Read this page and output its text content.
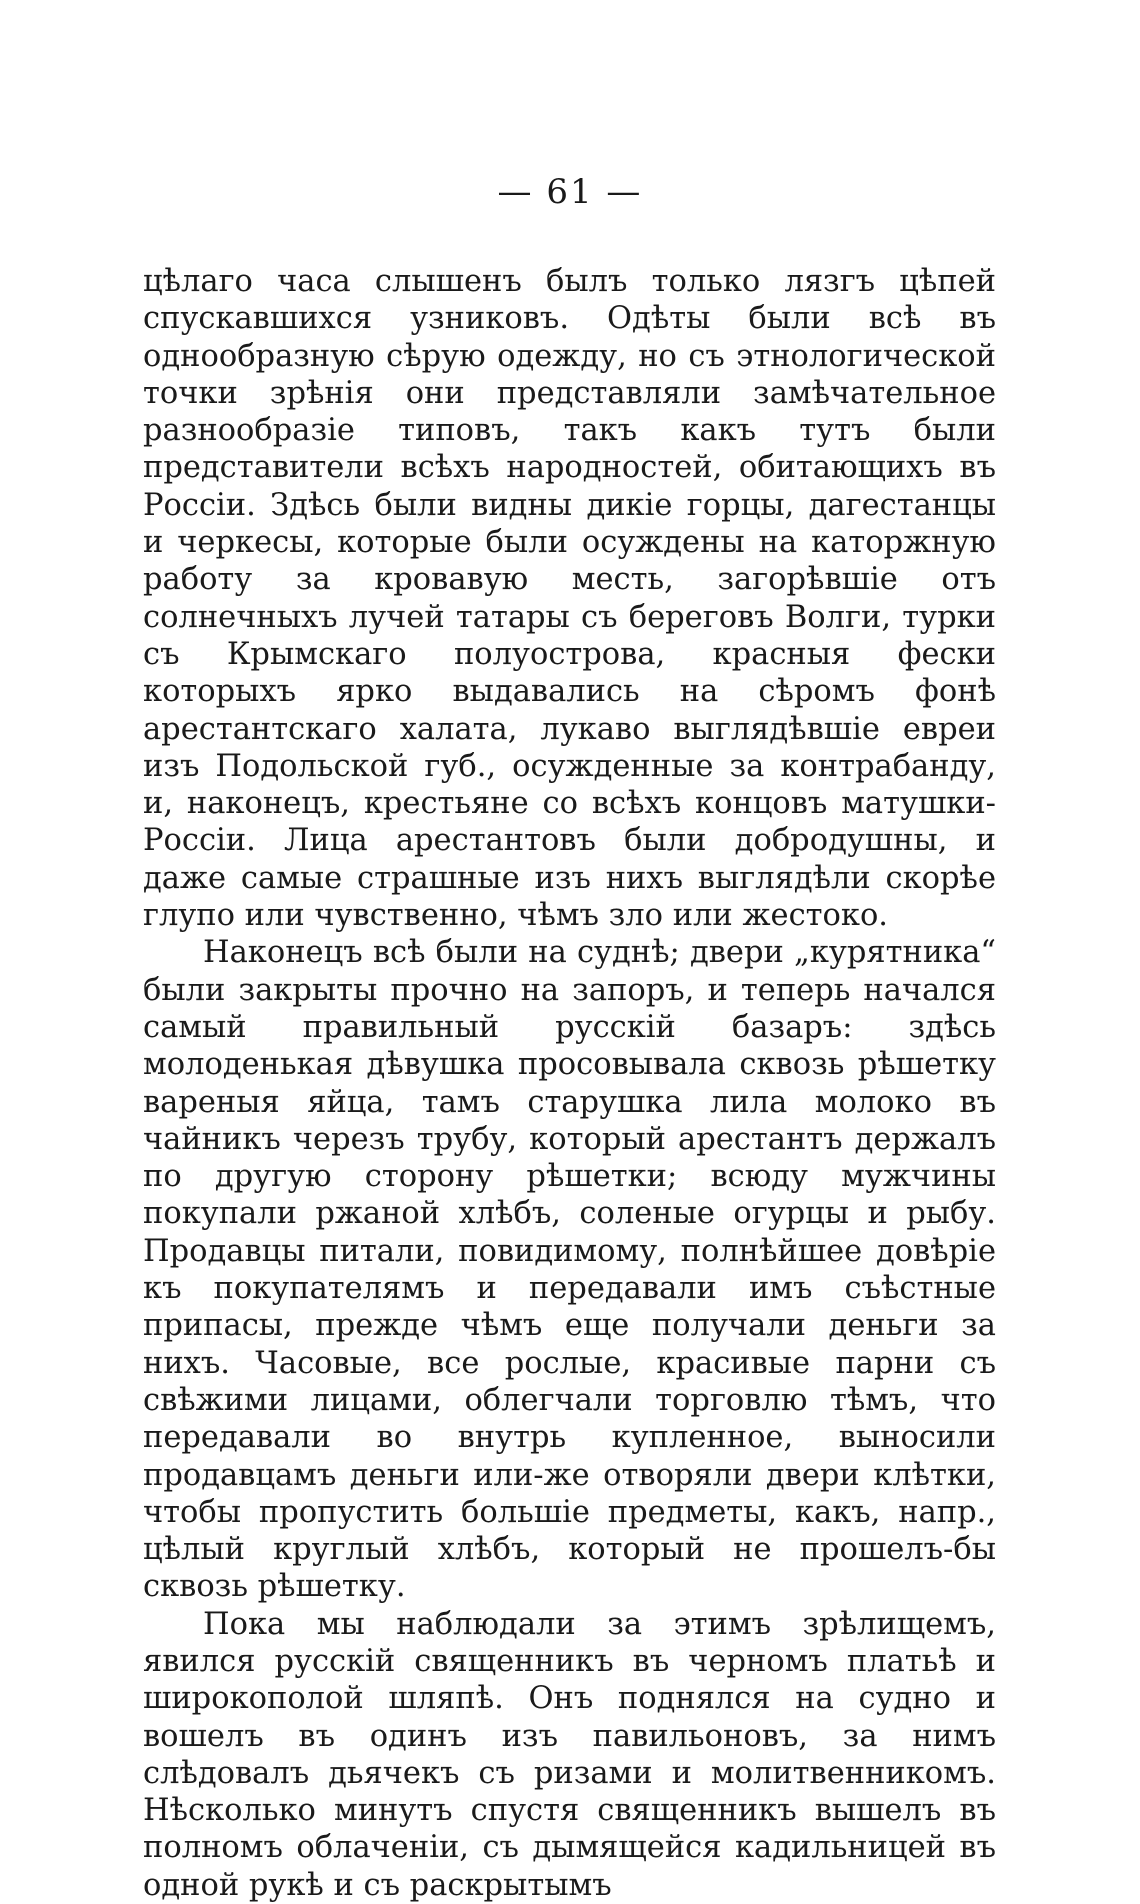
— 61 —

цѣлаго часа слышенъ былъ только лязгъ цѣпей спускавшихся узниковъ. Одѣты были всѣ въ однообразную сѣрую одежду, но съ этнологической точки зрѣнія они представляли замѣчательное разнообразіе типовъ, такъ какъ тутъ были представители всѣхъ народностей, обитающихъ въ Россіи. Здѣсь были видны дикіе горцы, дагестанцы и черкесы, которые были осуждены на каторжную работу за кровавую месть, загорѣвшіе отъ солнечныхъ лучей татары съ береговъ Волги, турки съ Крымскаго полуострова, красныя фески которыхъ ярко выдавались на сѣромъ фонѣ арестантскаго халата, лукаво выглядѣвшіе евреи изъ Подольской губ., осужденные за контрабанду, и, наконецъ, крестьяне со всѣхъ концовъ матушки-Россіи. Лица арестантовъ были добродушны, и даже самые страшные изъ нихъ выглядѣли скорѣе глупо или чувственно, чѣмъ зло или жестоко.

Наконецъ всѣ были на суднѣ; двери „курятника“ были закрыты прочно на запоръ, и теперь начался самый правильный русскій базаръ: здѣсь молоденькая дѣвушка просовывала сквозь рѣшетку вареныя яйца, тамъ старушка лила молоко въ чайникъ черезъ трубу, который арестантъ держалъ по другую сторону рѣшетки; всюду мужчины покупали ржаной хлѣбъ, соленые огурцы и рыбу. Продавцы питали, повидимому, полнѣйшее довѣріе къ покупателямъ и передавали имъ съѣстные припасы, прежде чѣмъ еще получали деньги за нихъ. Часовые, все рослые, красивые парни съ свѣжими лицами, облегчали торговлю тѣмъ, что передавали во внутрь купленное, выносили продавцамъ деньги или-же отворяли двери клѣтки, чтобы пропустить большіе предметы, какъ, напр., цѣлый круглый хлѣбъ, который не прошелъ-бы сквозь рѣшетку.

Пока мы наблюдали за этимъ зрѣлищемъ, явился русскій священникъ въ черномъ платьѣ и широкополой шляпѣ. Онъ поднялся на судно и вошелъ въ одинъ изъ павильоновъ, за нимъ слѣдовалъ дьячекъ съ ризами и молитвенникомъ. Нѣсколько минутъ спустя священникъ вышелъ въ полномъ облаченіи, съ дымящейся кадильницей въ одной рукѣ и съ раскрытымъ
